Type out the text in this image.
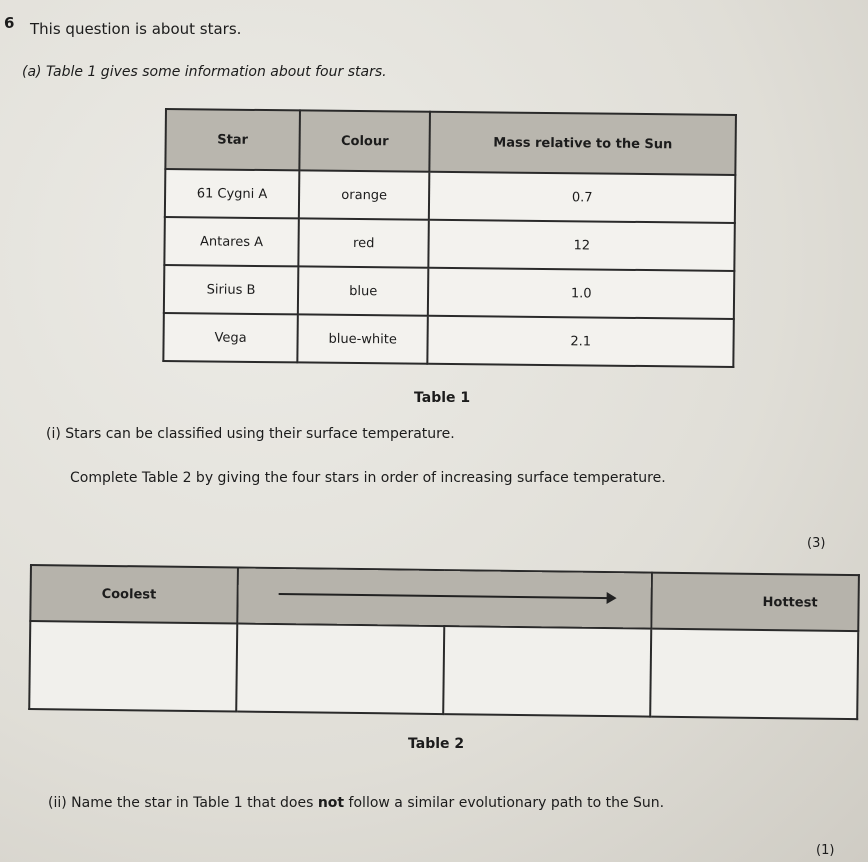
6 This question is about stars.
(a) Table 1 gives some information about four stars.
Star	Colour	Mass relative to the Sun
61 Cygni A	orange	0.7
Antares A	red	12
Sirius B	blue	1.0
Vega	blue-white	2.1
Table 1
(i) Stars can be classified using their surface temperature.
Complete Table 2 by giving the four stars in order of increasing surface temperature.
(3)
Coolest			Hottest

Table 2
(ii) Name the star in Table 1 that does not follow a similar evolutionary path to the Sun.
(1)
